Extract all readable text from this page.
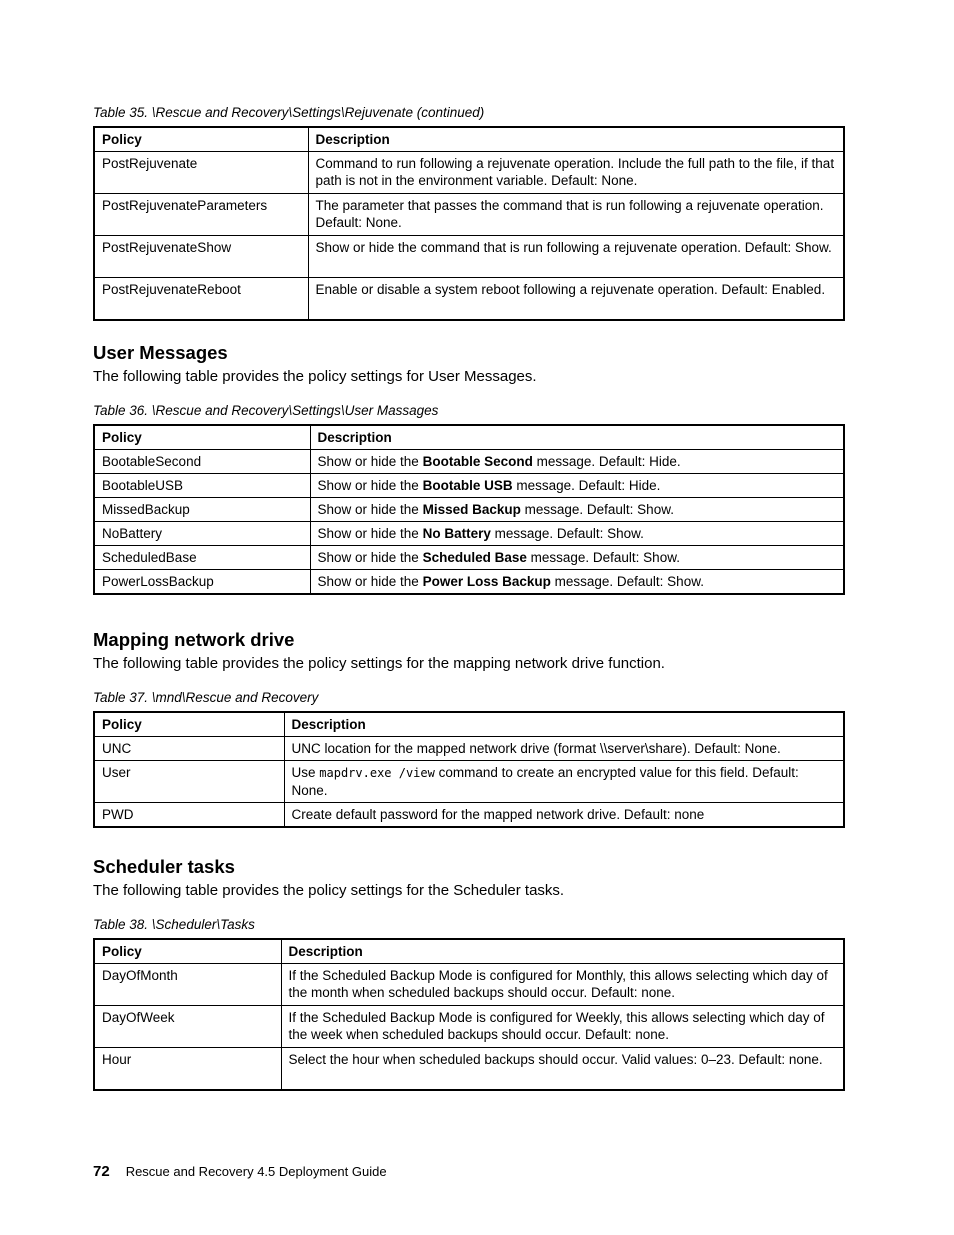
Table 35. \Rescue and Recovery\Settings\Rejuvenate (continued)
Policy	Description
PostRejuvenate	Command to run following a rejuvenate operation. Include the full path to the file, if that path is not in the environment variable. Default: None.
PostRejuvenateParameters	The parameter that passes the command that is run following a rejuvenate operation. Default: None.
PostRejuvenateShow	Show or hide the command that is run following a rejuvenate operation. Default: Show.
PostRejuvenateReboot	Enable or disable a system reboot following a rejuvenate operation. Default: Enabled.
User Messages

The following table provides the policy settings for User Messages.

Table 36. \Rescue and Recovery\Settings\User Massages
Policy	Description
BootableSecond	Show or hide the Bootable Second message. Default: Hide.
BootableUSB	Show or hide the Bootable USB message. Default: Hide.
MissedBackup	Show or hide the Missed Backup message. Default: Show.
NoBattery	Show or hide the No Battery message. Default: Show.
ScheduledBase	Show or hide the Scheduled Base message. Default: Show.
PowerLossBackup	Show or hide the Power Loss Backup message. Default: Show.
Mapping network drive

The following table provides the policy settings for the mapping network drive function.

Table 37. \mnd\Rescue and Recovery
Policy	Description
UNC	UNC location for the mapped network drive (format \\server\share). Default: None.
User	Use mapdrv.exe /view command to create an encrypted value for this field. Default: None.
PWD	Create default password for the mapped network drive. Default: none
Scheduler tasks

The following table provides the policy settings for the Scheduler tasks.

Table 38. \Scheduler\Tasks
Policy	Description
DayOfMonth	If the Scheduled Backup Mode is configured for Monthly, this allows selecting which day of the month when scheduled backups should occur. Default: none.
DayOfWeek	If the Scheduled Backup Mode is configured for Weekly, this allows selecting which day of the week when scheduled backups should occur. Default: none.
Hour	Select the hour when scheduled backups should occur. Valid values: 0–23. Default: none.
72 Rescue and Recovery 4.5 Deployment Guide
